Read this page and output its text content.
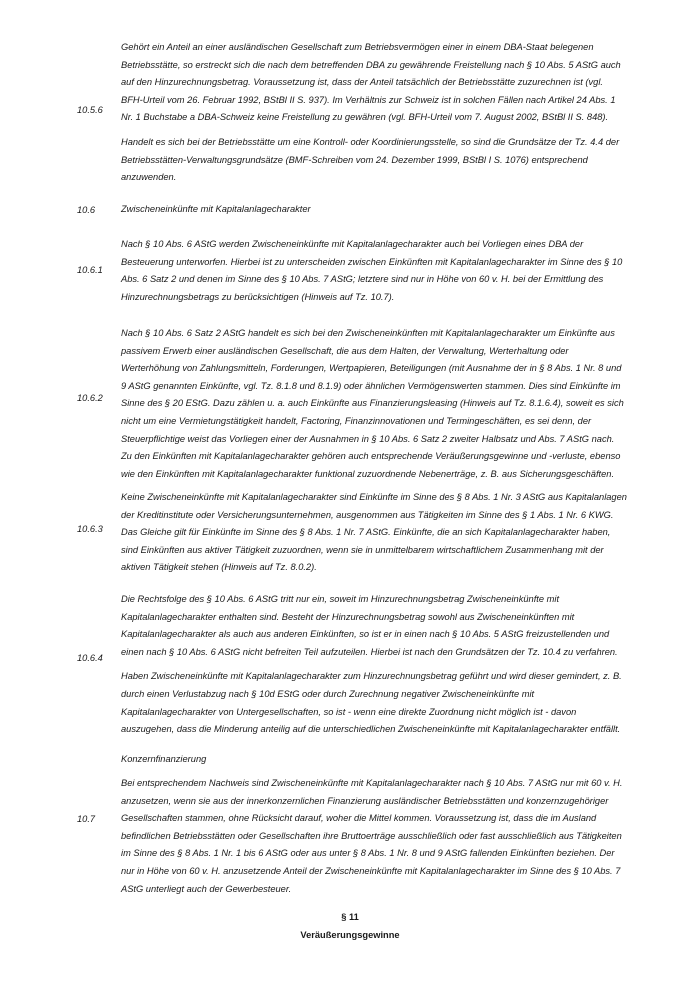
10.5.6

Gehört ein Anteil an einer ausländischen Gesellschaft zum Betriebsvermögen einer in einem DBA-Staat belegenen Betriebsstätte, so erstreckt sich die nach dem betreffenden DBA zu gewährende Freistellung nach § 10 Abs. 5 AStG auch auf den Hinzurechnungsbetrag. Voraussetzung ist, dass der Anteil tatsächlich der Betriebsstätte zuzurechnen ist (vgl. BFH-Urteil vom 26. Februar 1992, BStBl II S. 937). Im Verhältnis zur Schweiz ist in solchen Fällen nach Artikel 24 Abs. 1 Nr. 1 Buchstabe a DBA-Schweiz keine Freistellung zu gewähren (vgl. BFH-Urteil vom 7. August 2002, BStBl II S. 848).

Handelt es sich bei der Betriebsstätte um eine Kontroll- oder Koordinierungsstelle, so sind die Grundsätze der Tz. 4.4 der Betriebsstätten-Verwaltungsgrundsätze (BMF-Schreiben vom 24. Dezember 1999, BStBl I S. 1076) entsprechend anzuwenden.

10.6	Zwischeneinkünfte mit Kapitalanlagecharakter

10.6.1

Nach § 10 Abs. 6 AStG werden Zwischeneinkünfte mit Kapitalanlagecharakter auch bei Vorliegen eines DBA der Besteuerung unterworfen. Hierbei ist zu unterscheiden zwischen Einkünften mit Kapitalanlagecharakter im Sinne des § 10 Abs. 6 Satz 2 und denen im Sinne des § 10 Abs. 7 AStG; letztere sind nur in Höhe von 60 v. H. bei der Ermittlung des Hinzurechnungsbetrags zu berücksichtigen (Hinweis auf Tz. 10.7).

10.6.2

Nach § 10 Abs. 6 Satz 2 AStG handelt es sich bei den Zwischeneinkünften mit Kapitalanlagecharakter um Einkünfte aus passivem Erwerb einer ausländischen Gesellschaft, die aus dem Halten, der Verwaltung, Werterhaltung oder Werterhöhung von Zahlungsmitteln, Forderungen, Wertpapieren, Beteiligungen (mit Ausnahme der in § 8 Abs. 1 Nr. 8 und 9 AStG genannten Einkünfte, vgl. Tz. 8.1.8 und 8.1.9) oder ähnlichen Vermögenswerten stammen. Dies sind Einkünfte im Sinne des § 20 EStG. Dazu zählen u. a. auch Einkünfte aus Finanzierungsleasing (Hinweis auf Tz. 8.1.6.4), soweit es sich nicht um eine Vermietungstätigkeit handelt, Factoring, Finanzinnovationen und Termingeschäften, es sei denn, der Steuerpflichtige weist das Vorliegen einer der Ausnahmen in § 10 Abs. 6 Satz 2 zweiter Halbsatz und Abs. 7 AStG nach. Zu den Einkünften mit Kapitalanlagecharakter gehören auch entsprechende Veräußerungsgewinne und -verluste, ebenso wie den Einkünften mit Kapitalanlagecharakter funktional zuzuordnende Nebenerträge, z. B. aus Sicherungsgeschäften.

10.6.3

Keine Zwischeneinkünfte mit Kapitalanlagecharakter sind Einkünfte im Sinne des § 8 Abs. 1 Nr. 3 AStG aus Kapitalanlagen der Kreditinstitute oder Versicherungsunternehmen, ausgenommen aus Tätigkeiten im Sinne des § 1 Abs. 1 Nr. 6 KWG. Das Gleiche gilt für Einkünfte im Sinne des § 8 Abs. 1 Nr. 7 AStG. Einkünfte, die an sich Kapitalanlagecharakter haben, sind Einkünften aus aktiver Tätigkeit zuzuordnen, wenn sie in unmittelbarem wirtschaftlichem Zusammenhang mit der aktiven Tätigkeit stehen (Hinweis auf Tz. 8.0.2).

10.6.4

Die Rechtsfolge des § 10 Abs. 6 AStG tritt nur ein, soweit im Hinzurechnungsbetrag Zwischeneinkünfte mit Kapitalanlagecharakter enthalten sind. Besteht der Hinzurechnungsbetrag sowohl aus Zwischeneinkünften mit Kapitalanlagecharakter als auch aus anderen Einkünften, so ist er in einen nach § 10 Abs. 5 AStG freizustellenden und einen nach § 10 Abs. 6 AStG nicht befreiten Teil aufzuteilen. Hierbei ist nach den Grundsätzen der Tz. 10.4 zu verfahren.

Haben Zwischeneinkünfte mit Kapitalanlagecharakter zum Hinzurechnungsbetrag geführt und wird dieser gemindert, z. B. durch einen Verlustabzug nach § 10d EStG oder durch Zurechnung negativer Zwischeneinkünfte mit Kapitalanlagecharakter von Untergesellschaften, so ist - wenn eine direkte Zuordnung nicht möglich ist - davon auszugehen, dass die Minderung anteilig auf die unterschiedlichen Zwischeneinkünfte mit Kapitalanlagecharakter entfällt.

Konzernfinanzierung

10.7

Bei entsprechendem Nachweis sind Zwischeneinkünfte mit Kapitalanlagecharakter nach § 10 Abs. 7 AStG nur mit 60 v. H. anzusetzen, wenn sie aus der innerkonzernlichen Finanzierung ausländischer Betriebsstätten und konzernzugehöriger Gesellschaften stammen, ohne Rücksicht darauf, woher die Mittel kommen. Voraussetzung ist, dass die im Ausland befindlichen Betriebsstätten oder Gesellschaften ihre Bruttoerträge ausschließlich oder fast ausschließlich aus Tätigkeiten im Sinne des § 8 Abs. 1 Nr. 1 bis 6 AStG oder aus unter § 8 Abs. 1 Nr. 8 und 9 AStG fallenden Einkünften beziehen. Der nur in Höhe von 60 v. H. anzusetzende Anteil der Zwischeneinkünfte mit Kapitalanlagecharakter im Sinne des § 10 Abs. 7 AStG unterliegt auch der Gewerbesteuer.

§ 11
Veräußerungsgewinne
